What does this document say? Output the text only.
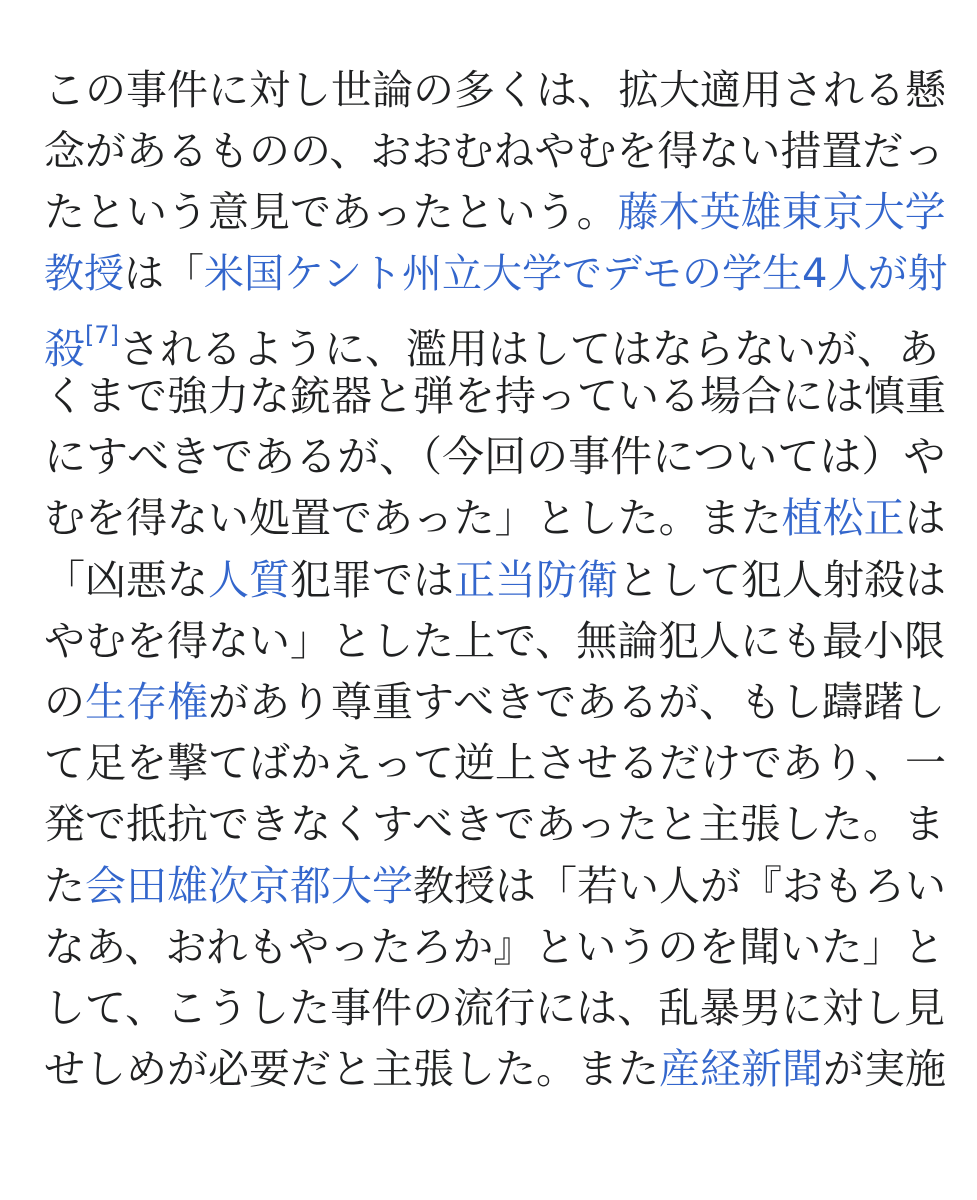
この事件に対し世論の多くは、拡大適用される懸
念があるものの、おおむねやむを得ない措置だっ
たという意見であったという。藤木英雄東京大学
教授は「米国ケント州立大学でデモの学生4人が射
殺[7]されるように、濫用はしてはならないが、あ
くまで強力な銃器と弾を持っている場合には慎重
にすべきであるが、（今回の事件については）や
むを得ない処置であった」とした。また植松正は
「凶悪な人質犯罪では正当防衛として犯人射殺は
やむを得ない」とした上で、無論犯人にも最小限
の生存権があり尊重すべきであるが、もし躊躇し
て足を撃てばかえって逆上させるだけであり、一
発で抵抗できなくすべきであったと主張した。ま
た会田雄次京都大学教授は「若い人が『おもろい
なあ、おれもやったろか』というのを聞いた」と
して、こうした事件の流行には、乱暴男に対し見
せしめが必要だと主張した。また産経新聞が実施
